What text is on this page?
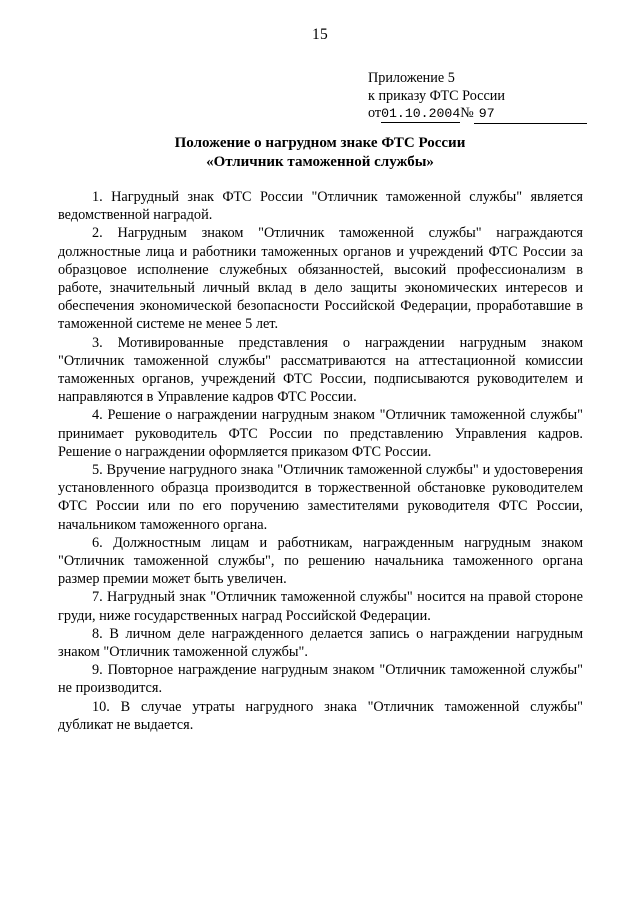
15
Приложение 5
к приказу ФТС России
от01.10.2004№ 97
Положение о нагрудном знаке ФТС России
«Отличник таможенной службы»

1. Нагрудный знак ФТС России "Отличник таможенной службы" является ведомственной наградой.

2. Нагрудным знаком "Отличник таможенной службы" награждаются должностные лица и работники таможенных органов и учреждений ФТС России за образцовое исполнение служебных обязанностей, высокий профессионализм в работе, значительный личный вклад в дело защиты экономических интересов и обеспечения экономической безопасности Российской Федерации, проработавшие в таможенной системе не менее 5 лет.

3. Мотивированные представления о награждении нагрудным знаком "Отличник таможенной службы" рассматриваются на аттестационной комиссии таможенных органов, учреждений ФТС России, подписываются руководителем и направляются в Управление кадров ФТС России.

4. Решение о награждении нагрудным знаком "Отличник таможенной службы" принимает руководитель ФТС России по представлению Управления кадров. Решение о награждении оформляется приказом ФТС России.

5. Вручение нагрудного знака "Отличник таможенной службы" и удостоверения установленного образца производится в торжественной обстановке руководителем ФТС России или по его поручению заместителями руководителя ФТС России, начальником таможенного органа.

6. Должностным лицам и работникам, награжденным нагрудным знаком "Отличник таможенной службы", по решению начальника таможенного органа размер премии может быть увеличен.

7. Нагрудный знак "Отличник таможенной службы" носится на правой стороне груди, ниже государственных наград Российской Федерации.

8. В личном деле награжденного делается запись о награждении нагрудным знаком "Отличник таможенной службы".

9. Повторное награждение нагрудным знаком "Отличник таможенной службы" не производится.

10. В случае утраты нагрудного знака "Отличник таможенной службы" дубликат не выдается.
